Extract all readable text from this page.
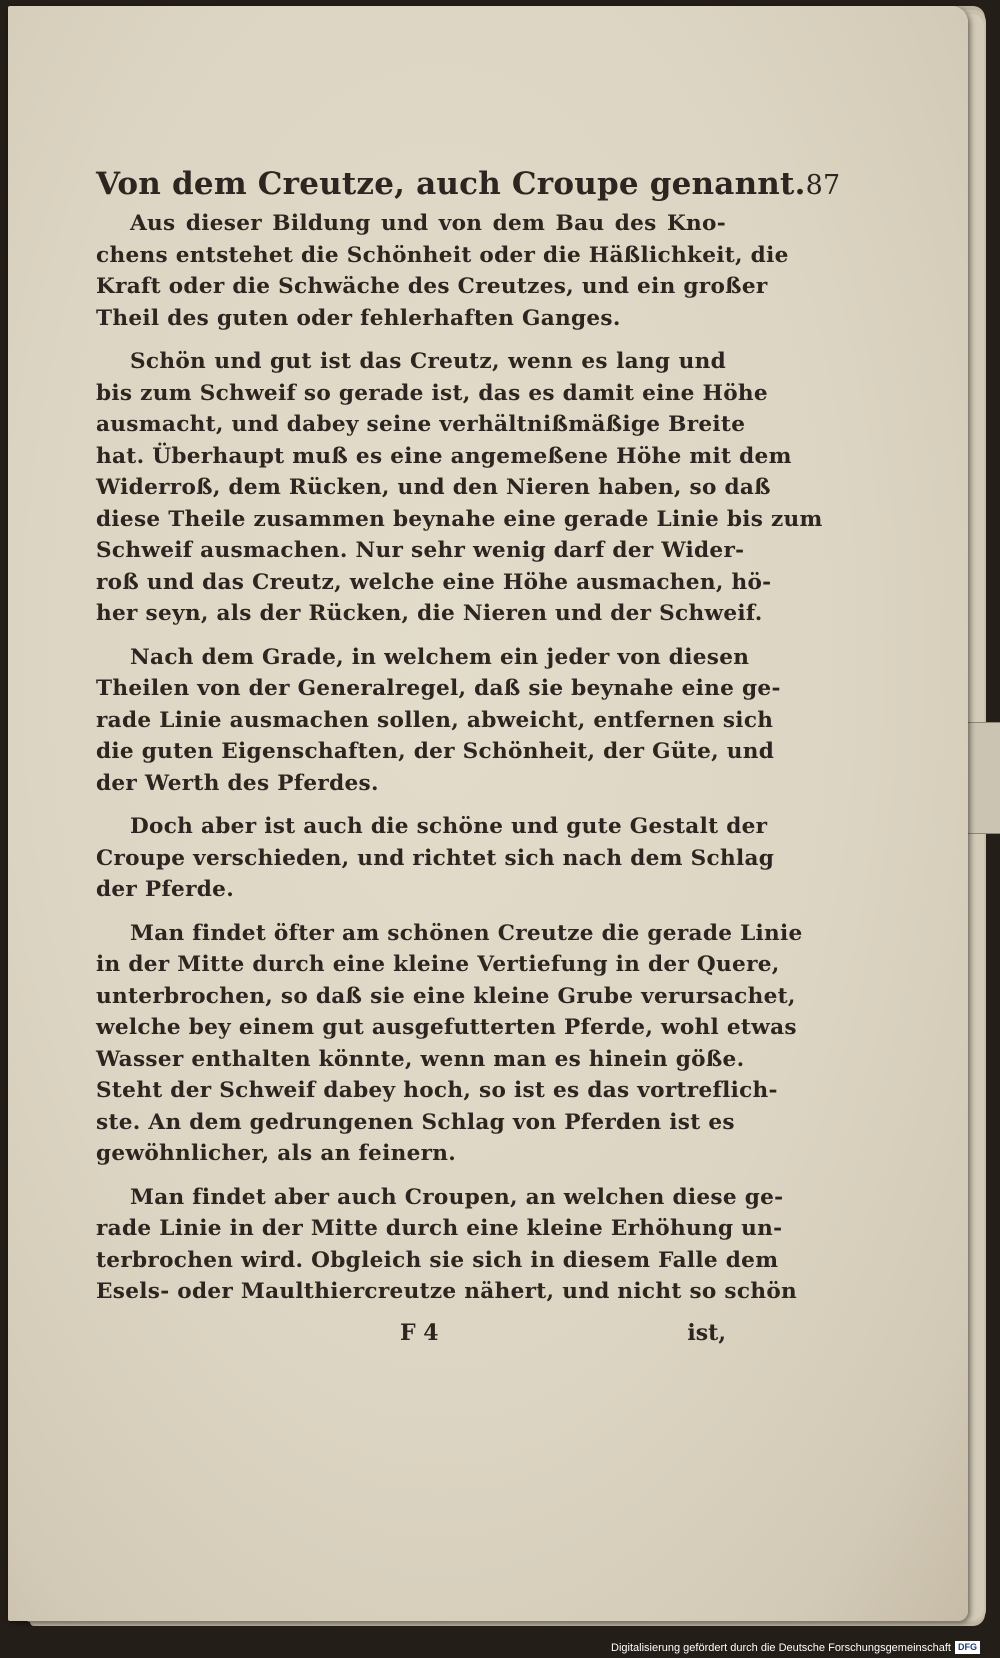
Von dem Creutze, auch Croupe genannt. 87
Aus dieser Bildung und von dem Bau des Kno-
chens entstehet die Schönheit oder die Häßlichkeit, die
Kraft oder die Schwäche des Creutzes, und ein großer
Theil des guten oder fehlerhaften Ganges.
Schön und gut ist das Creutz, wenn es lang und
bis zum Schweif so gerade ist, das es damit eine Höhe
ausmacht, und dabey seine verhältnißmäßige Breite
hat. Überhaupt muß es eine angemeßene Höhe mit dem
Widerroß, dem Rücken, und den Nieren haben, so daß
diese Theile zusammen beynahe eine gerade Linie bis zum
Schweif ausmachen. Nur sehr wenig darf der Wider-
roß und das Creutz, welche eine Höhe ausmachen, hö-
her seyn, als der Rücken, die Nieren und der Schweif.
Nach dem Grade, in welchem ein jeder von diesen
Theilen von der Generalregel, daß sie beynahe eine ge-
rade Linie ausmachen sollen, abweicht, entfernen sich
die guten Eigenschaften, der Schönheit, der Güte, und
der Werth des Pferdes.
Doch aber ist auch die schöne und gute Gestalt der
Croupe verschieden, und richtet sich nach dem Schlag
der Pferde.
Man findet öfter am schönen Creutze die gerade Linie
in der Mitte durch eine kleine Vertiefung in der Quere,
unterbrochen, so daß sie eine kleine Grube verursachet,
welche bey einem gut ausgefutterten Pferde, wohl etwas
Wasser enthalten könnte, wenn man es hinein göße.
Steht der Schweif dabey hoch, so ist es das vortreflich-
ste. An dem gedrungenen Schlag von Pferden ist es
gewöhnlicher, als an feinern.
Man findet aber auch Croupen, an welchen diese ge-
rade Linie in der Mitte durch eine kleine Erhöhung un-
terbrochen wird. Obgleich sie sich in diesem Falle dem
Esels- oder Maulthiercreutze nähert, und nicht so schön
F 4	ist,
Digitalisierung gefördert durch die Deutsche Forschungsgemeinschaft DFG
